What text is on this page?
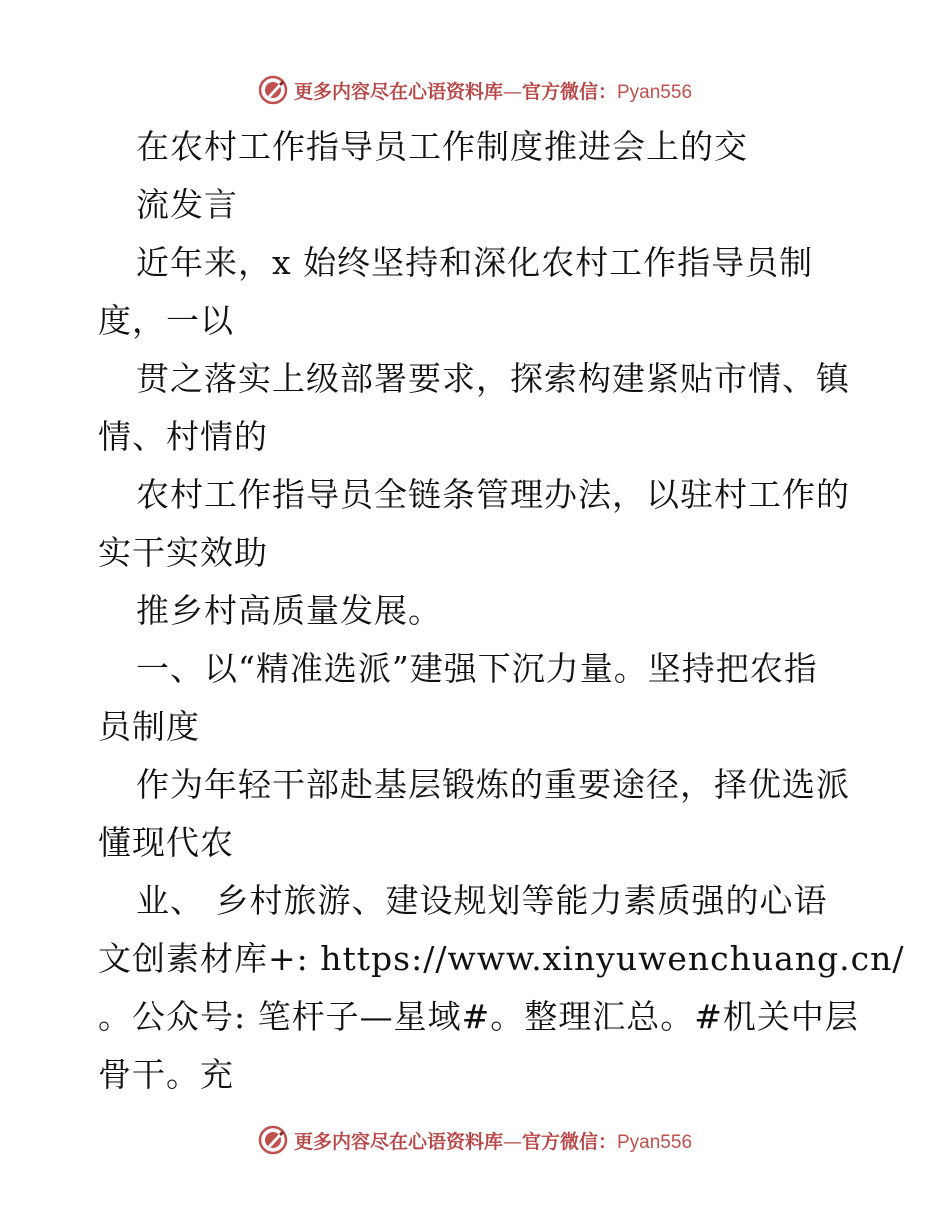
更多内容尽在心语资料库—官方微信：Pyan556
在农村工作指导员工作制度推进会上的交
流发言
近年来，x 始终坚持和深化农村工作指导员制
度，一以
贯之落实上级部署要求，探索构建紧贴市情、镇
情、村情的
农村工作指导员全链条管理办法，以驻村工作的
实干实效助
推乡村高质量发展。
一、以“精准选派”建强下沉力量。坚持把农指
员制度
作为年轻干部赴基层锻炼的重要途径，择优选派
懂现代农
业、 乡村旅游、建设规划等能力素质强的心语
文创素材库+: https://www.xinyuwenchuang.cn/
。公众号: 笔杆子—星域#。整理汇总。#机关中层
骨干。充
更多内容尽在心语资料库—官方微信：Pyan556
